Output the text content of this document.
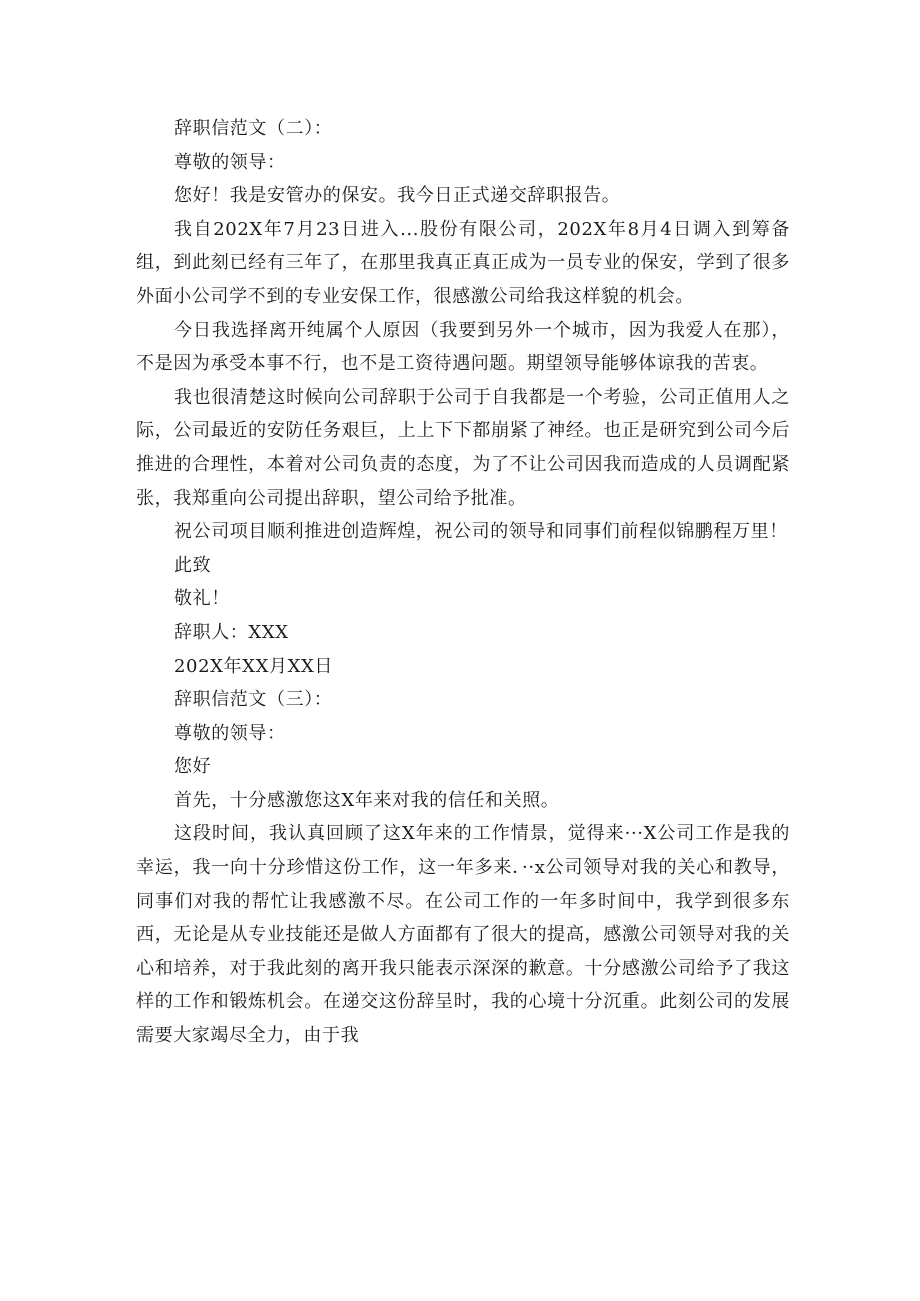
辞职信范文（二）：

尊敬的领导：

您好！我是安管办的保安。我今日正式递交辞职报告。

我自202X年7月23日进入...股份有限公司，202X年8月4日调入到筹备组，到此刻已经有三年了，在那里我真正真正成为一员专业的保安，学到了很多外面小公司学不到的专业安保工作，很感激公司给我这样貌的机会。

今日我选择离开纯属个人原因（我要到另外一个城市，因为我爱人在那），不是因为承受本事不行，也不是工资待遇问题。期望领导能够体谅我的苦衷。

我也很清楚这时候向公司辞职于公司于自我都是一个考验，公司正值用人之际，公司最近的安防任务艰巨，上上下下都崩紧了神经。也正是研究到公司今后推进的合理性，本着对公司负责的态度，为了不让公司因我而造成的人员调配紧张，我郑重向公司提出辞职，望公司给予批准。

祝公司项目顺利推进创造辉煌，祝公司的领导和同事们前程似锦鹏程万里！

此致

敬礼！

辞职人：XXX

202X年XX月XX日

辞职信范文（三）：

尊敬的领导：

您好

首先，十分感激您这X年来对我的信任和关照。

这段时间，我认真回顾了这X年来的工作情景，觉得来···X公司工作是我的幸运，我一向十分珍惜这份工作，这一年多来．··x公司领导对我的关心和教导，同事们对我的帮忙让我感激不尽。在公司工作的一年多时间中，我学到很多东西，无论是从专业技能还是做人方面都有了很大的提高，感激公司领导对我的关心和培养，对于我此刻的离开我只能表示深深的歉意。十分感激公司给予了我这样的工作和锻炼机会。在递交这份辞呈时，我的心境十分沉重。此刻公司的发展需要大家竭尽全力，由于我
